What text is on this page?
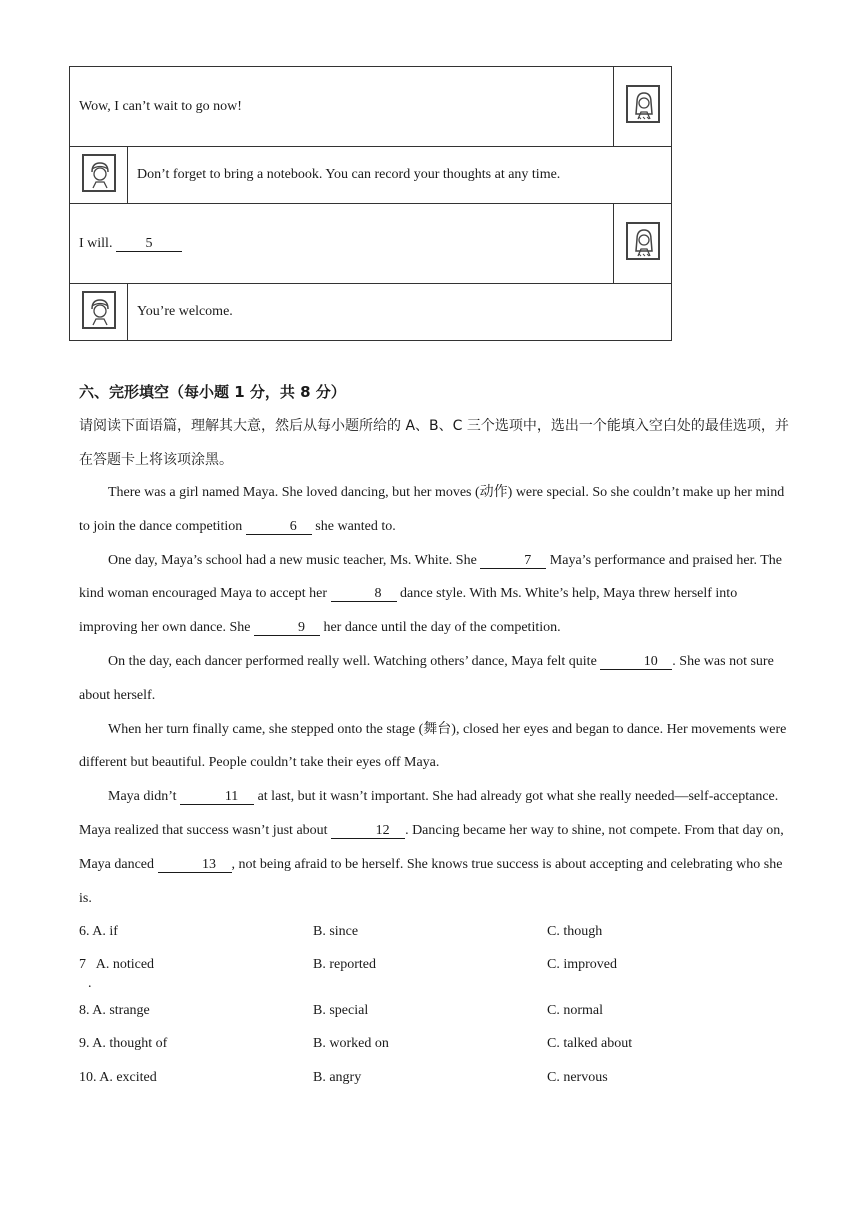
Wow, I can’t wait to go now!	

	Don’t forget to bring a notebook. You can record your thoughts at any time.	
I will. 5	

	You’re welcome.	
六、完形填空（每小题 1 分，共 8 分）
请阅读下面语篇，理解其大意，然后从每小题所给的 A、B、C 三个选项中，选出一个能填入空白处的最佳选项，并在答题卡上将该项涂黑。

There was a girl named Maya. She loved dancing, but her moves (动作) were special. So she couldn’t make up her mind to join the dance competition	6 she wanted to.

One day, Maya’s school had a new music teacher, Ms. White. She	7 Maya’s performance and praised her. The kind woman encouraged Maya to accept her	8 dance style. With Ms. White’s help, Maya threw herself into improving her own dance. She	9 her dance until the day of the competition.

On the day, each dancer performed really well. Watching others’ dance, Maya felt quite	10 . She was not sure about herself.

When her turn finally came, she stepped onto the stage (舞台), closed her eyes and began to dance. Her movements were different but beautiful. People couldn’t take their eyes off Maya.

Maya didn’t	11 at last, but it wasn’t important. She had already got what she really needed—self-acceptance. Maya realized that success wasn’t just about	12 . Dancing became her way to shine, not compete. From that day on, Maya danced	13 , not being afraid to be herself. She knows true success is about accepting and celebrating who she is.

6. A. if	B. since	C. though
7   A. noticed	B. reported	C. improved
.
8. A. strange	B. special	C. normal
9. A. thought of	B. worked on	C. talked about
10. A. excited	B. angry	C. nervous
